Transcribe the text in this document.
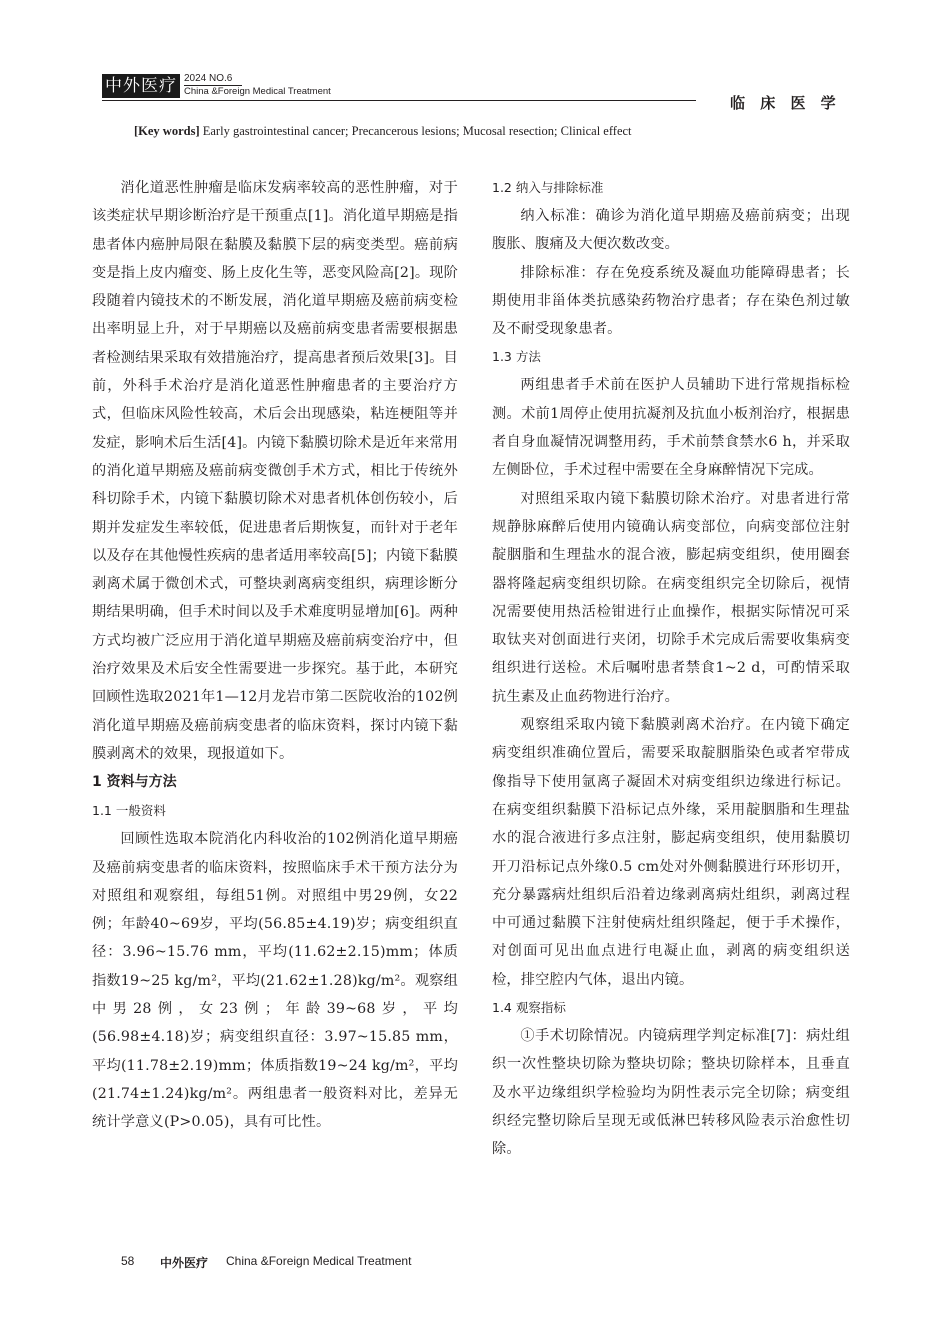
中外医疗 2024 NO.6
China &Foreign Medical Treatment
临 床 医 学
[Key words] Early gastrointestinal cancer; Precancerous lesions; Mucosal resection; Clinical effect

消化道恶性肿瘤是临床发病率较高的恶性肿瘤，对于该类症状早期诊断治疗是干预重点[1]。消化道早期癌是指患者体内癌肿局限在黏膜及黏膜下层的病变类型。癌前病变是指上皮内瘤变、肠上皮化生等，恶变风险高[2]。现阶段随着内镜技术的不断发展，消化道早期癌及癌前病变检出率明显上升，对于早期癌以及癌前病变患者需要根据患者检测结果采取有效措施治疗，提高患者预后效果[3]。目前，外科手术治疗是消化道恶性肿瘤患者的主要治疗方式，但临床风险性较高，术后会出现感染，粘连梗阻等并发症，影响术后生活[4]。内镜下黏膜切除术是近年来常用的消化道早期癌及癌前病变微创手术方式，相比于传统外科切除手术，内镜下黏膜切除术对患者机体创伤较小，后期并发症发生率较低，促进患者后期恢复，而针对于老年以及存在其他慢性疾病的患者适用率较高[5]；内镜下黏膜剥离术属于微创术式，可整块剥离病变组织，病理诊断分期结果明确，但手术时间以及手术难度明显增加[6]。两种方式均被广泛应用于消化道早期癌及癌前病变治疗中，但治疗效果及术后安全性需要进一步探究。基于此，本研究回顾性选取2021年1—12月龙岩市第二医院收治的102例消化道早期癌及癌前病变患者的临床资料，探讨内镜下黏膜剥离术的效果，现报道如下。

1 资料与方法
1.1 一般资料

回顾性选取本院消化内科收治的102例消化道早期癌及癌前病变患者的临床资料，按照临床手术干预方法分为对照组和观察组，每组51例。对照组中男29例，女22例；年龄40~69岁，平均(56.85±4.19)岁；病变组织直径：3.96~15.76 mm，平均(11.62±2.15)mm；体质指数19~25 kg/m²，平均(21.62±1.28)kg/m²。观察组中男28例，女23例；年龄39~68岁，平均(56.98±4.18)岁；病变组织直径：3.97~15.85 mm，平均(11.78±2.19)mm；体质指数19~24 kg/m²，平均(21.74±1.24)kg/m²。两组患者一般资料对比，差异无统计学意义(P>0.05)，具有可比性。

1.2 纳入与排除标准

纳入标准：确诊为消化道早期癌及癌前病变；出现腹胀、腹痛及大便次数改变。

排除标准：存在免疫系统及凝血功能障碍患者；长期使用非甾体类抗感染药物治疗患者；存在染色剂过敏及不耐受现象患者。

1.3 方法

两组患者手术前在医护人员辅助下进行常规指标检测。术前1周停止使用抗凝剂及抗血小板剂治疗，根据患者自身血凝情况调整用药，手术前禁食禁水6 h，并采取左侧卧位，手术过程中需要在全身麻醉情况下完成。

对照组采取内镜下黏膜切除术治疗。对患者进行常规静脉麻醉后使用内镜确认病变部位，向病变部位注射靛胭脂和生理盐水的混合液，膨起病变组织，使用圈套器将隆起病变组织切除。在病变组织完全切除后，视情况需要使用热活检钳进行止血操作，根据实际情况可采取钛夹对创面进行夹闭，切除手术完成后需要收集病变组织进行送检。术后嘱咐患者禁食1~2 d，可酌情采取抗生素及止血药物进行治疗。

观察组采取内镜下黏膜剥离术治疗。在内镜下确定病变组织准确位置后，需要采取靛胭脂染色或者窄带成像指导下使用氩离子凝固术对病变组织边缘进行标记。在病变组织黏膜下沿标记点外缘，采用靛胭脂和生理盐水的混合液进行多点注射，膨起病变组织，使用黏膜切开刀沿标记点外缘0.5 cm处对外侧黏膜进行环形切开，充分暴露病灶组织后沿着边缘剥离病灶组织，剥离过程中可通过黏膜下注射使病灶组织隆起，便于手术操作，对创面可见出血点进行电凝止血，剥离的病变组织送检，排空腔内气体，退出内镜。

1.4 观察指标

①手术切除情况。内镜病理学判定标准[7]：病灶组织一次性整块切除为整块切除；整块切除样本，且垂直及水平边缘组织学检验均为阴性表示完全切除；病变组织经完整切除后呈现无或低淋巴转移风险表示治愈性切除。

58 中外医疗 China &Foreign Medical Treatment
